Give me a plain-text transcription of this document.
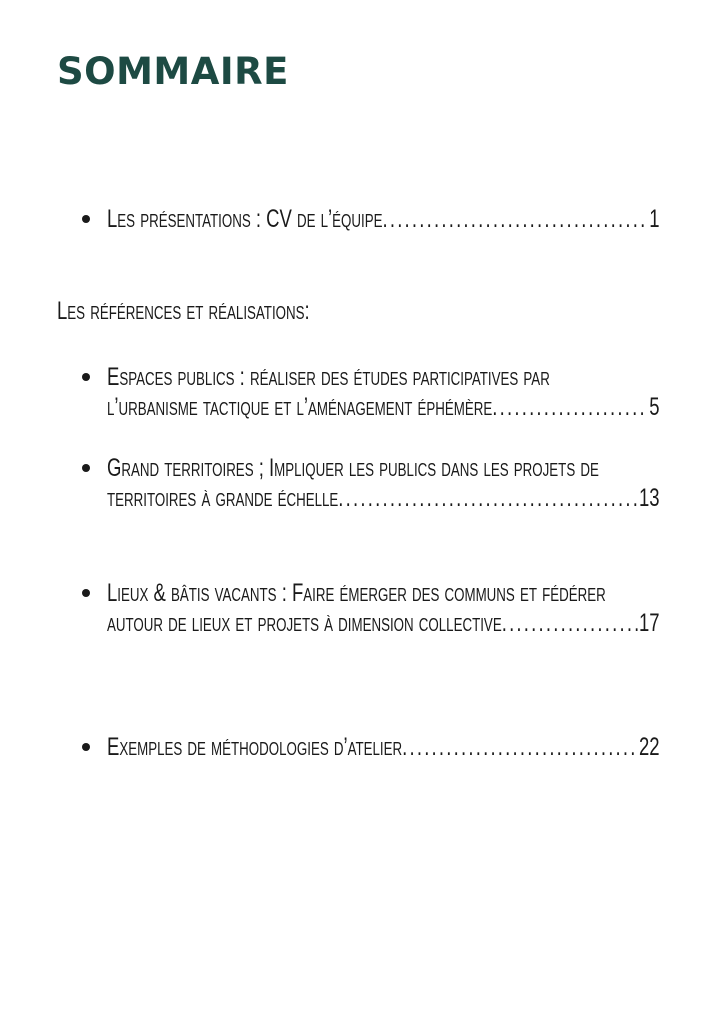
SOMMAIRE
Les présentations : CV de l’équipe .....	1
Les références et réalisations:
Espaces publics : réaliser des études participatives par
l’urbanisme tactique et l’aménagement éphémère .....	5
Grand territoires ; Impliquer les publics dans les projets de
territoires à grande échelle .....	13
Lieux & bâtis vacants : Faire émerger des communs et fédérer
autour de lieux et projets à dimension collective .....	17
Exemples de méthodologies d’atelier .....	22
